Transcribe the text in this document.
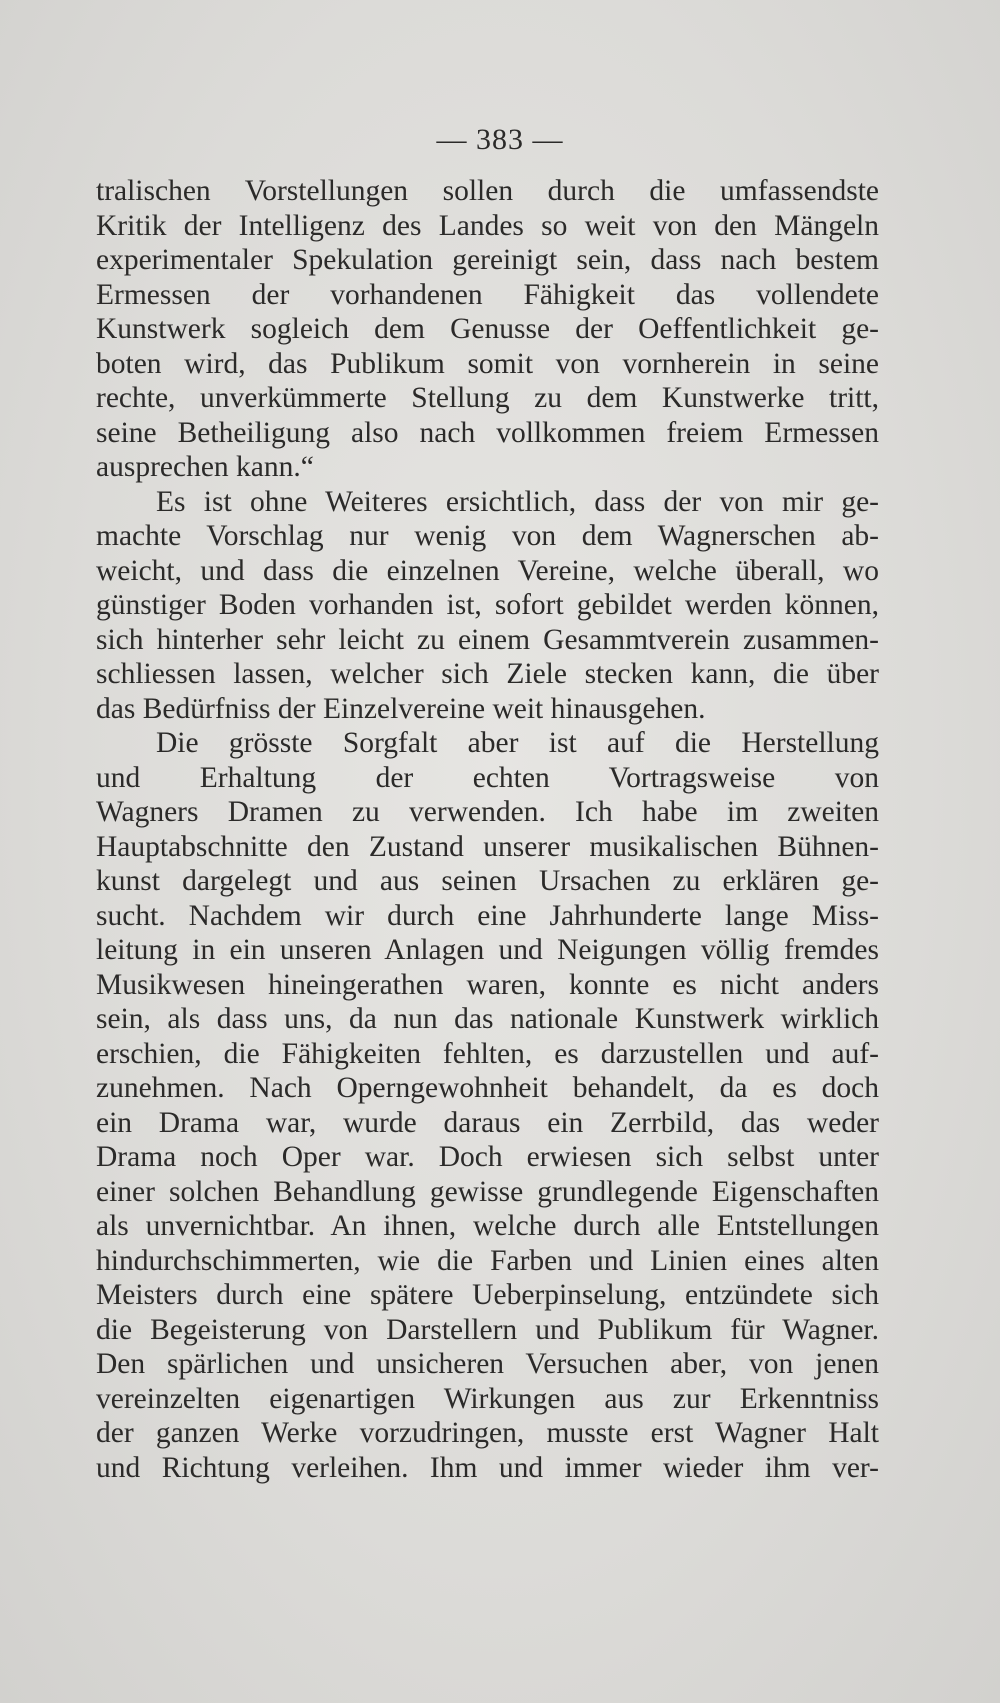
— 383 —
tralischen Vorstellungen sollen durch die umfassendste
Kritik der Intelligenz des Landes so weit von den Mängeln
experimentaler Spekulation gereinigt sein, dass nach bestem
Ermessen der vorhandenen Fähigkeit das vollendete
Kunstwerk sogleich dem Genusse der Oeffentlichkeit ge-
boten wird, das Publikum somit von vornherein in seine
rechte, unverkümmerte Stellung zu dem Kunstwerke tritt,
seine Betheiligung also nach vollkommen freiem Ermessen
ausprechen kann.“
Es ist ohne Weiteres ersichtlich, dass der von mir ge-
machte Vorschlag nur wenig von dem Wagnerschen ab-
weicht, und dass die einzelnen Vereine, welche überall, wo
günstiger Boden vorhanden ist, sofort gebildet werden können,
sich hinterher sehr leicht zu einem Gesammtverein zusammen-
schliessen lassen, welcher sich Ziele stecken kann, die über
das Bedürfniss der Einzelvereine weit hinausgehen.
Die grösste Sorgfalt aber ist auf die Herstellung
und Erhaltung der echten Vortragsweise von
Wagners Dramen zu verwenden. Ich habe im zweiten
Hauptabschnitte den Zustand unserer musikalischen Bühnen-
kunst dargelegt und aus seinen Ursachen zu erklären ge-
sucht. Nachdem wir durch eine Jahrhunderte lange Miss-
leitung in ein unseren Anlagen und Neigungen völlig fremdes
Musikwesen hineingerathen waren, konnte es nicht anders
sein, als dass uns, da nun das nationale Kunstwerk wirklich
erschien, die Fähigkeiten fehlten, es darzustellen und auf-
zunehmen. Nach Operngewohnheit behandelt, da es doch
ein Drama war, wurde daraus ein Zerrbild, das weder
Drama noch Oper war. Doch erwiesen sich selbst unter
einer solchen Behandlung gewisse grundlegende Eigenschaften
als unvernichtbar. An ihnen, welche durch alle Entstellungen
hindurchschimmerten, wie die Farben und Linien eines alten
Meisters durch eine spätere Ueberpinselung, entzündete sich
die Begeisterung von Darstellern und Publikum für Wagner.
Den spärlichen und unsicheren Versuchen aber, von jenen
vereinzelten eigenartigen Wirkungen aus zur Erkenntniss
der ganzen Werke vorzudringen, musste erst Wagner Halt
und Richtung verleihen. Ihm und immer wieder ihm ver-
